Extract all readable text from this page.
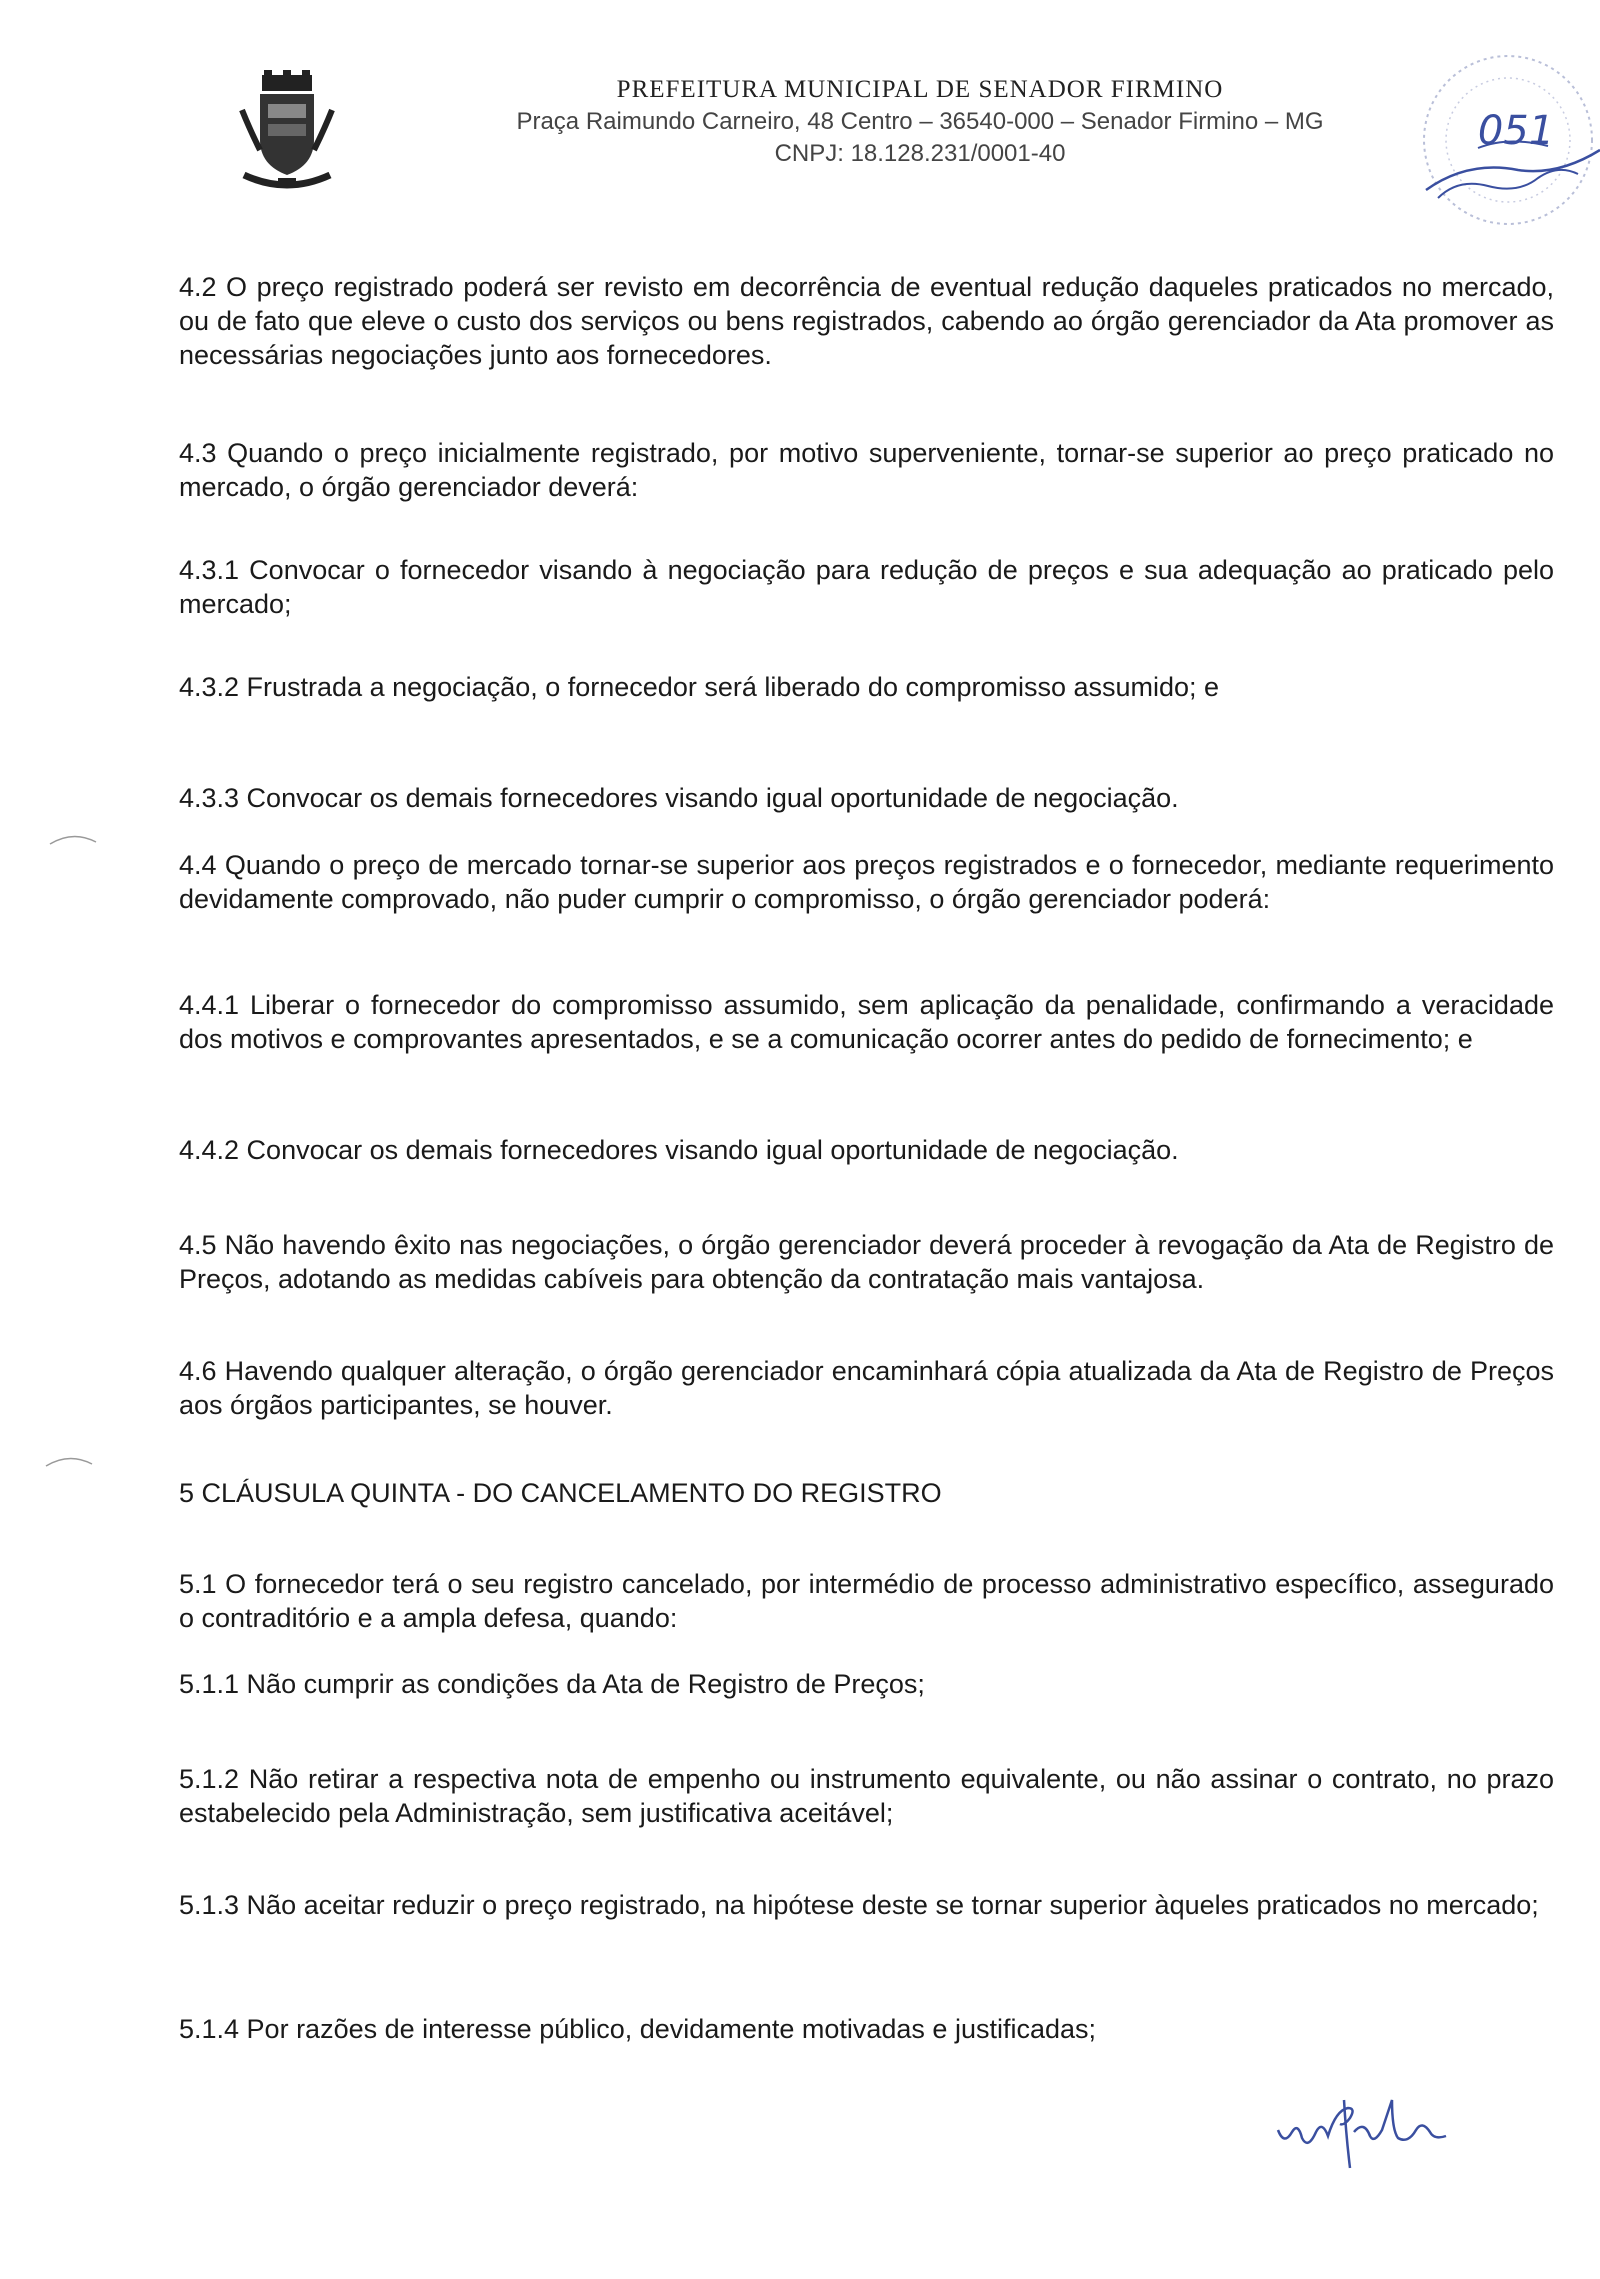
PREFEITURA MUNICIPAL DE SENADOR FIRMINO

Praça Raimundo Carneiro, 48 Centro – 36540-000 – Senador Firmino – MG

CNPJ: 18.128.231/0001-40	051

4.2 O preço registrado poderá ser revisto em decorrência de eventual redução daqueles praticados no mercado, ou de fato que eleve o custo dos serviços ou bens registrados, cabendo ao órgão gerenciador da Ata promover as necessárias negociações junto aos fornecedores.

4.3 Quando o preço inicialmente registrado, por motivo superveniente, tornar-se superior ao preço praticado no mercado, o órgão gerenciador deverá:

4.3.1 Convocar o fornecedor visando à negociação para redução de preços e sua adequação ao praticado pelo mercado;

4.3.2 Frustrada a negociação, o fornecedor será liberado do compromisso assumido; e

4.3.3 Convocar os demais fornecedores visando igual oportunidade de negociação.

4.4 Quando o preço de mercado tornar-se superior aos preços registrados e o fornecedor, mediante requerimento devidamente comprovado, não puder cumprir o compromisso, o órgão gerenciador poderá:

4.4.1 Liberar o fornecedor do compromisso assumido, sem aplicação da penalidade, confirmando a veracidade dos motivos e comprovantes apresentados, e se a comunicação ocorrer antes do pedido de fornecimento; e

4.4.2 Convocar os demais fornecedores visando igual oportunidade de negociação.

4.5 Não havendo êxito nas negociações, o órgão gerenciador deverá proceder à revogação da Ata de Registro de Preços, adotando as medidas cabíveis para obtenção da contratação mais vantajosa.

4.6 Havendo qualquer alteração, o órgão gerenciador encaminhará cópia atualizada da Ata de Registro de Preços aos órgãos participantes, se houver.

5 CLÁUSULA QUINTA - DO CANCELAMENTO DO REGISTRO

5.1 O fornecedor terá o seu registro cancelado, por intermédio de processo administrativo específico, assegurado o contraditório e a ampla defesa, quando:

5.1.1 Não cumprir as condições da Ata de Registro de Preços;

5.1.2 Não retirar a respectiva nota de empenho ou instrumento equivalente, ou não assinar o contrato, no prazo estabelecido pela Administração, sem justificativa aceitável;

5.1.3 Não aceitar reduzir o preço registrado, na hipótese deste se tornar superior àqueles praticados no mercado;

5.1.4 Por razões de interesse público, devidamente motivadas e justificadas;
